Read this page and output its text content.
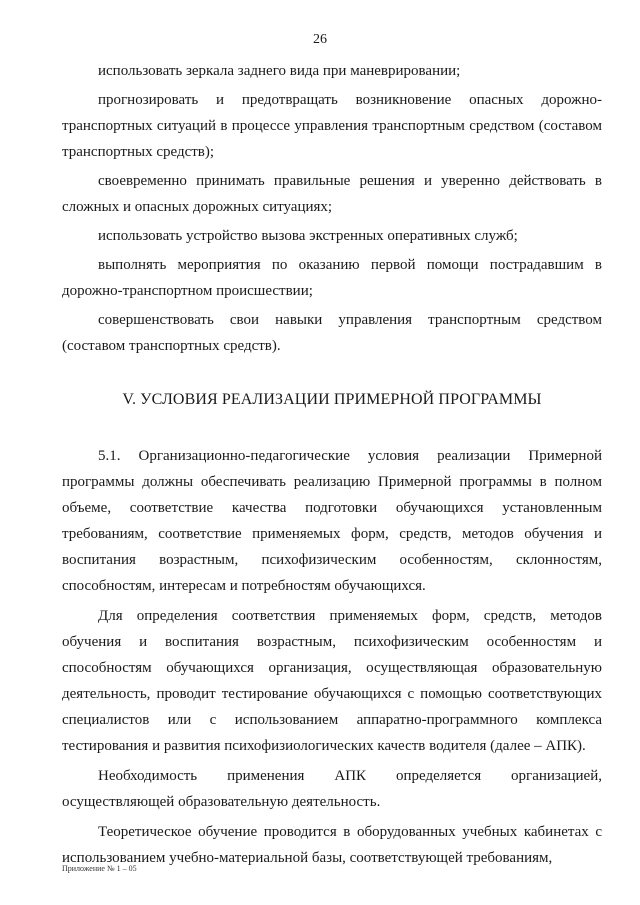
26

использовать зеркала заднего вида при маневрировании;

прогнозировать и предотвращать возникновение опасных дорожно-транспортных ситуаций в процессе управления транспортным средством (составом транспортных средств);

своевременно принимать правильные решения и уверенно действовать в сложных и опасных дорожных ситуациях;

использовать устройство вызова экстренных оперативных служб;

выполнять мероприятия по оказанию первой помощи пострадавшим в дорожно-транспортном происшествии;

совершенствовать свои навыки управления транспортным средством (составом транспортных средств).

V. УСЛОВИЯ РЕАЛИЗАЦИИ ПРИМЕРНОЙ ПРОГРАММЫ

5.1. Организационно-педагогические условия реализации Примерной программы должны обеспечивать реализацию Примерной программы в полном объеме, соответствие качества подготовки обучающихся установленным требованиям, соответствие применяемых форм, средств, методов обучения и воспитания возрастным, психофизическим особенностям, склонностям, способностям, интересам и потребностям обучающихся.

Для определения соответствия применяемых форм, средств, методов обучения и воспитания возрастным, психофизическим особенностям и способностям обучающихся организация, осуществляющая образовательную деятельность, проводит тестирование обучающихся с помощью соответствующих специалистов или с использованием аппаратно-программного комплекса тестирования и развития психофизиологических качеств водителя (далее – АПК).

Необходимость применения АПК определяется организацией, осуществляющей образовательную деятельность.

Теоретическое обучение проводится в оборудованных учебных кабинетах с использованием учебно-материальной базы, соответствующей требованиям,

Приложение № 1 – 05
